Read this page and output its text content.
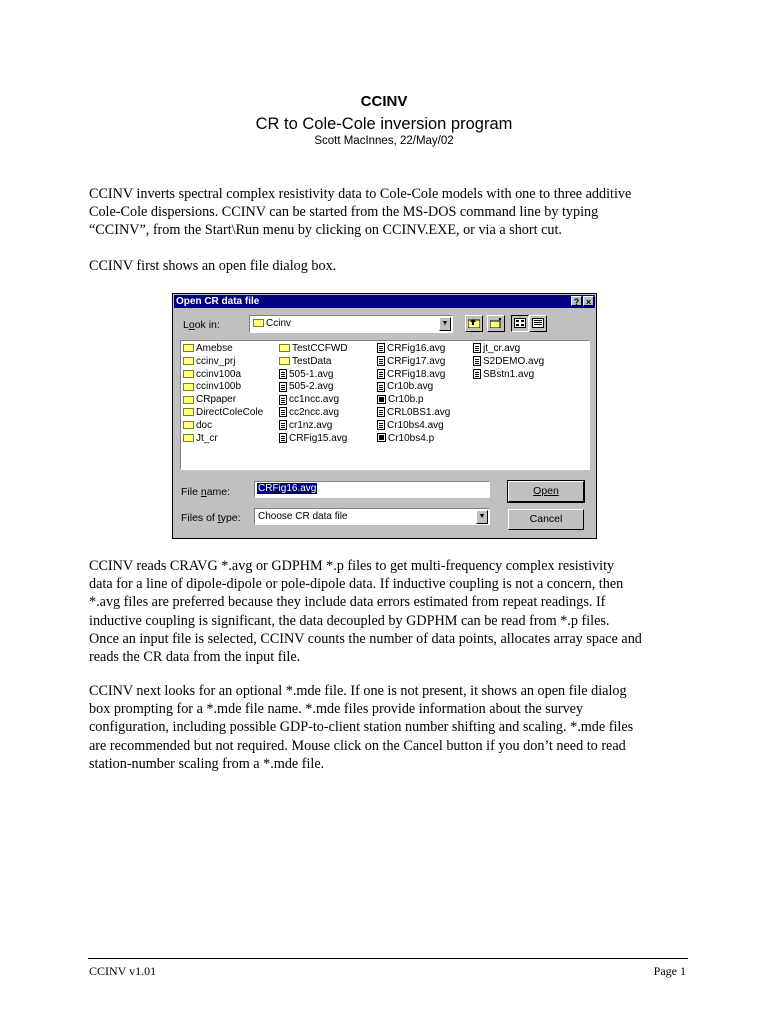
CCINV
CR to Cole-Cole inversion program
Scott MacInnes, 22/May/02
CCINV inverts spectral complex resistivity data to Cole-Cole models with one to three additive
Cole-Cole dispersions. CCINV can be started from the MS-DOS command line by typing
“CCINV”, from the Start\Run menu by clicking on CCINV.EXE, or via a short cut.
CCINV first shows an open file dialog box.
Open CR data file	? ×
Look in:	Ccinv	▼
Amebse
ccinv_prj
ccinv100a
ccinv100b
CRpaper
DirectColeCole
doc
Jt_cr
TestCCFWD
TestData
505-1.avg
505-2.avg
cc1ncc.avg
cc2ncc.avg
cr1nz.avg
CRFig15.avg
CRFig16.avg
CRFig17.avg
CRFig18.avg
Cr10b.avg
Cr10b.p
CRL0BS1.avg
Cr10bs4.avg
Cr10bs4.p
jt_cr.avg
S2DEMO.avg
SBstn1.avg
File name:	CRFig16.avg
Files of type:	Choose CR data file	▼
Open
Cancel
CCINV reads CRAVG *.avg or GDPHM *.p files to get multi-frequency complex resistivity
data for a line of dipole-dipole or pole-dipole data. If inductive coupling is not a concern, then
*.avg files are preferred because they include data errors estimated from repeat readings. If
inductive coupling is significant, the data decoupled by GDPHM can be read from *.p files.
Once an input file is selected, CCINV counts the number of data points, allocates array space and
reads the CR data from the input file.
CCINV next looks for an optional *.mde file. If one is not present, it shows an open file dialog
box prompting for a *.mde file name. *.mde files provide information about the survey
configuration, including possible GDP-to-client station number shifting and scaling. *.mde files
are recommended but not required. Mouse click on the Cancel button if you don’t need to read
station-number scaling from a *.mde file.
CCINV v1.01	Page 1
